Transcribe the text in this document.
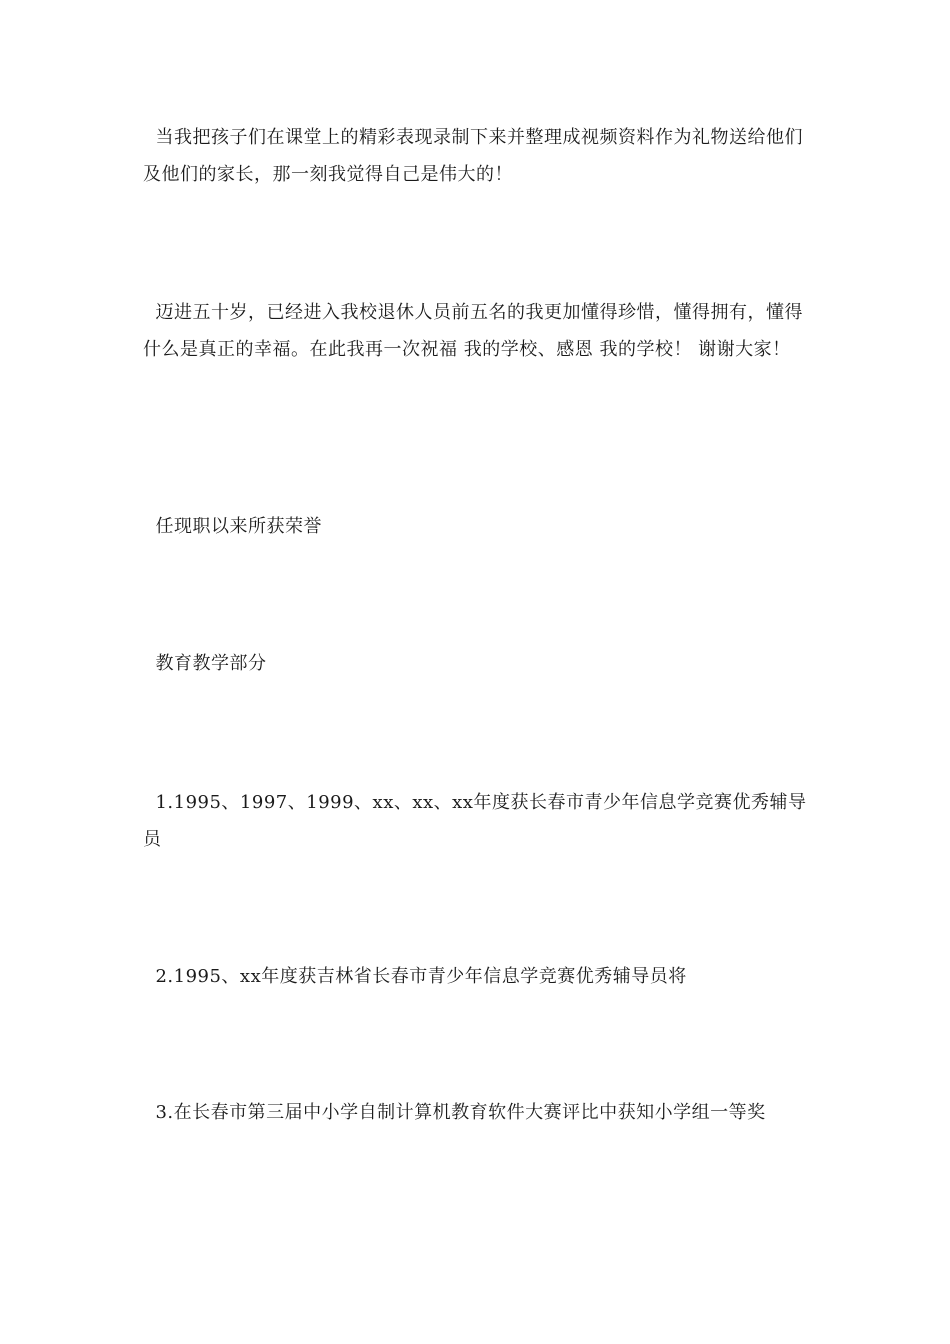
当我把孩子们在课堂上的精彩表现录制下来并整理成视频资料作为礼物送给他们及他们的家长，那一刻我觉得自己是伟大的！

迈进五十岁，已经进入我校退休人员前五名的我更加懂得珍惜，懂得拥有，懂得什么是真正的幸福。在此我再一次祝福 我的学校、感恩 我的学校！ 谢谢大家！

任现职以来所获荣誉

教育教学部分

1.1995、1997、1999、xx、xx、xx年度获长春市青少年信息学竞赛优秀辅导员

2.1995、xx年度获吉林省长春市青少年信息学竞赛优秀辅导员将

3.在长春市第三届中小学自制计算机教育软件大赛评比中获知小学组一等奖
